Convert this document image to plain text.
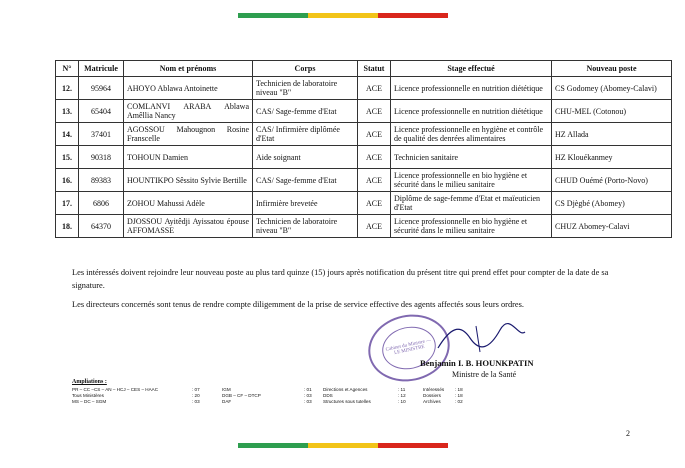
N°	Matricule	Nom et prénoms	Corps	Statut	Stage effectué	Nouveau poste
12.	95964	AHOYO Ablawa Antoinette	Technicien de laboratoire niveau "B"	ACE	Licence professionnelle en nutrition diététique	CS Godomey (Abomey-Calavi)
13.	65404	COMLANVI ARABA Ablawa Amêllia Nancy	CAS/ Sage-femme d'Etat	ACE	Licence professionnelle en nutrition diététique	CHU-MEL (Cotonou)
14.	37401	AGOSSOU Mahougnon Rosine Franscelle	CAS/ Infirmière diplômée d'Etat	ACE	Licence professionnelle en hygiène et contrôle de qualité des denrées alimentaires	HZ Allada
15.	90318	TOHOUN Damien	Aide soignant	ACE	Technicien sanitaire	HZ Klouékanmey
16.	89383	HOUNTIKPO Sêssito Sylvie Bertille	CAS/ Sage-femme d'Etat	ACE	Licence professionnelle en bio hygiène et sécurité dans le milieu sanitaire	CHUD Ouémé (Porto-Novo)
17.	6806	ZOHOU Mahussi Adèle	Infirmière brevetée	ACE	Diplôme de sage-femme d'Etat et maïeuticien d'Etat	CS Djègbé (Abomey)
18.	64370	DJOSSOU Ayitêdji Ayissatou épouse AFFOMASSE	Technicien de laboratoire niveau "B"	ACE	Licence professionnelle en bio hygiène et sécurité dans le milieu sanitaire	CHUZ Abomey-Calavi
Les intéressés doivent rejoindre leur nouveau poste au plus tard quinze (15) jours après notification du présent titre qui prend effet pour compter de la date de sa signature.
Les directeurs concernés sont tenus de rendre compte diligemment de la prise de service effective des agents affectés sous leurs ordres.
Cabinet du Ministre — LE MINISTRE
Benjamin I. B. HOUNKPATIN
Ministre de la Santé
Ampliations :
PR – CC –CS – AN – HCJ – CES – HAAC	: 07
Tous Ministères	: 20
MS – DC – SGM	: 03
IGM	: 01
DGB – CF – DTCP	: 03
DAF	: 03
Directions et Agences	: 11
DDS	: 12
Structures sous tutelles	: 10
Intéressés	: 18
Dossiers	: 18
Archives	: 02
2
